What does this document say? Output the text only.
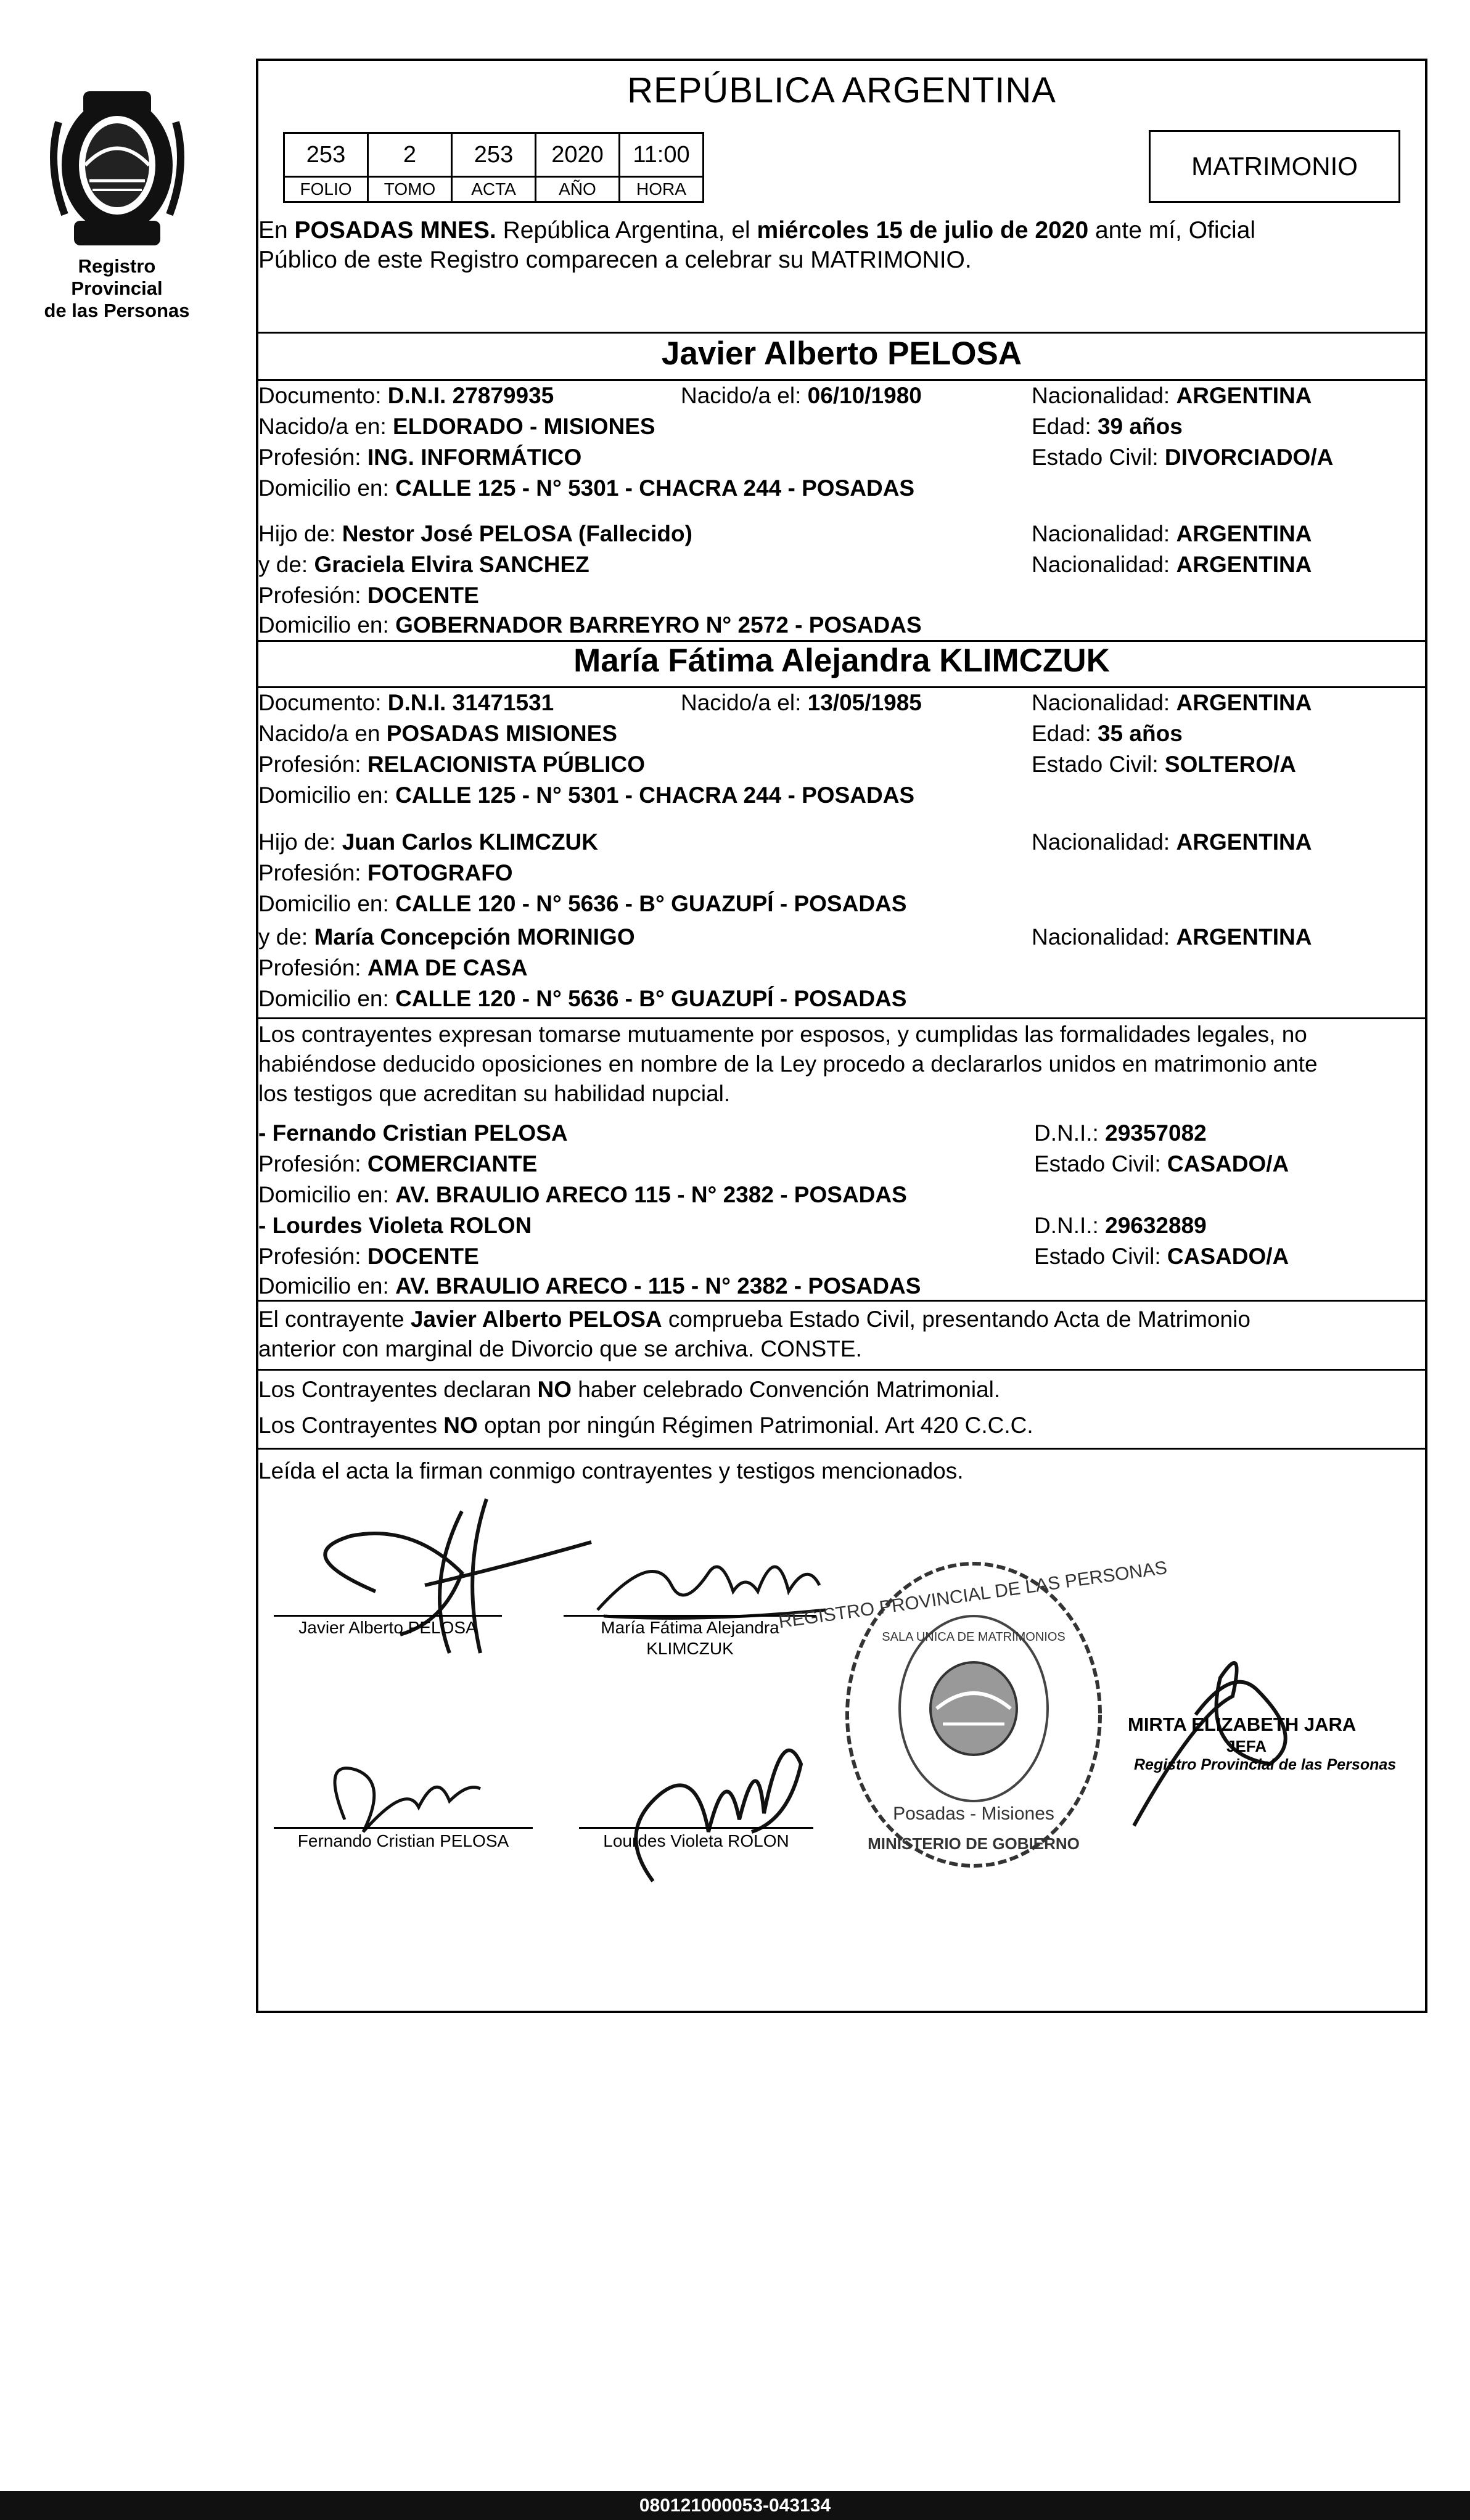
Registro Provincial
de las Personas
REPÚBLICA ARGENTINA
253	2	253	2020	11:00
FOLIO	TOMO	ACTA	AÑO	HORA
MATRIMONIO
En POSADAS MNES. República Argentina, el miércoles 15 de julio de 2020 ante mí, Oficial
Público de este Registro comparecen a celebrar su MATRIMONIO.
Javier Alberto PELOSA
Documento: D.N.I. 27879935	Nacido/a el: 06/10/1980	Nacionalidad: ARGENTINA
Nacido/a en: ELDORADO - MISIONES	Edad: 39 años
Profesión: ING. INFORMÁTICO	Estado Civil: DIVORCIADO/A
Domicilio en: CALLE 125 - N° 5301 - CHACRA 244 - POSADAS
Hijo de: Nestor José PELOSA (Fallecido)	Nacionalidad: ARGENTINA
y de: Graciela Elvira SANCHEZ	Nacionalidad: ARGENTINA
Profesión: DOCENTE
Domicilio en: GOBERNADOR BARREYRO N° 2572 - POSADAS
María Fátima Alejandra KLIMCZUK
Documento: D.N.I. 31471531	Nacido/a el: 13/05/1985	Nacionalidad: ARGENTINA
Nacido/a en POSADAS MISIONES	Edad: 35 años
Profesión: RELACIONISTA PÚBLICO	Estado Civil: SOLTERO/A
Domicilio en: CALLE 125 - N° 5301 - CHACRA 244 - POSADAS
Hijo de: Juan Carlos KLIMCZUK	Nacionalidad: ARGENTINA
Profesión: FOTOGRAFO
Domicilio en: CALLE 120 - N° 5636 - B° GUAZUPÍ - POSADAS
y de: María Concepción MORINIGO	Nacionalidad: ARGENTINA
Profesión: AMA DE CASA
Domicilio en: CALLE 120 - N° 5636 - B° GUAZUPÍ - POSADAS
Los contrayentes expresan tomarse mutuamente por esposos, y cumplidas las formalidades legales, no
habiéndose deducido oposiciones en nombre de la Ley procedo a declararlos unidos en matrimonio ante
los testigos que acreditan su habilidad nupcial.
- Fernando Cristian PELOSA	D.N.I.: 29357082
Profesión: COMERCIANTE	Estado Civil: CASADO/A
Domicilio en: AV. BRAULIO ARECO 115 - N° 2382 - POSADAS
- Lourdes Violeta ROLON	D.N.I.: 29632889
Profesión: DOCENTE	Estado Civil: CASADO/A
Domicilio en: AV. BRAULIO ARECO - 115 - N° 2382 - POSADAS
El contrayente Javier Alberto PELOSA comprueba Estado Civil, presentando Acta de Matrimonio
anterior con marginal de Divorcio que se archiva. CONSTE.
Los Contrayentes declaran NO haber celebrado Convención Matrimonial.
Los Contrayentes NO optan por ningún Régimen Patrimonial. Art 420 C.C.C.
Leída el acta la firman conmigo contrayentes y testigos mencionados.
Javier Alberto PELOSA	María Fátima Alejandra
KLIMCZUK
Fernando Cristian PELOSA	Lourdes Violeta ROLON
REGISTRO PROVINCIAL DE LAS PERSONAS
SALA UNICA DE MATRIMONIOS
Posadas - Misiones
MINISTERIO DE GOBIERNO
MIRTA ELIZABETH JARA
JEFA
Registro Provincial de las Personas
080121000053-043134
